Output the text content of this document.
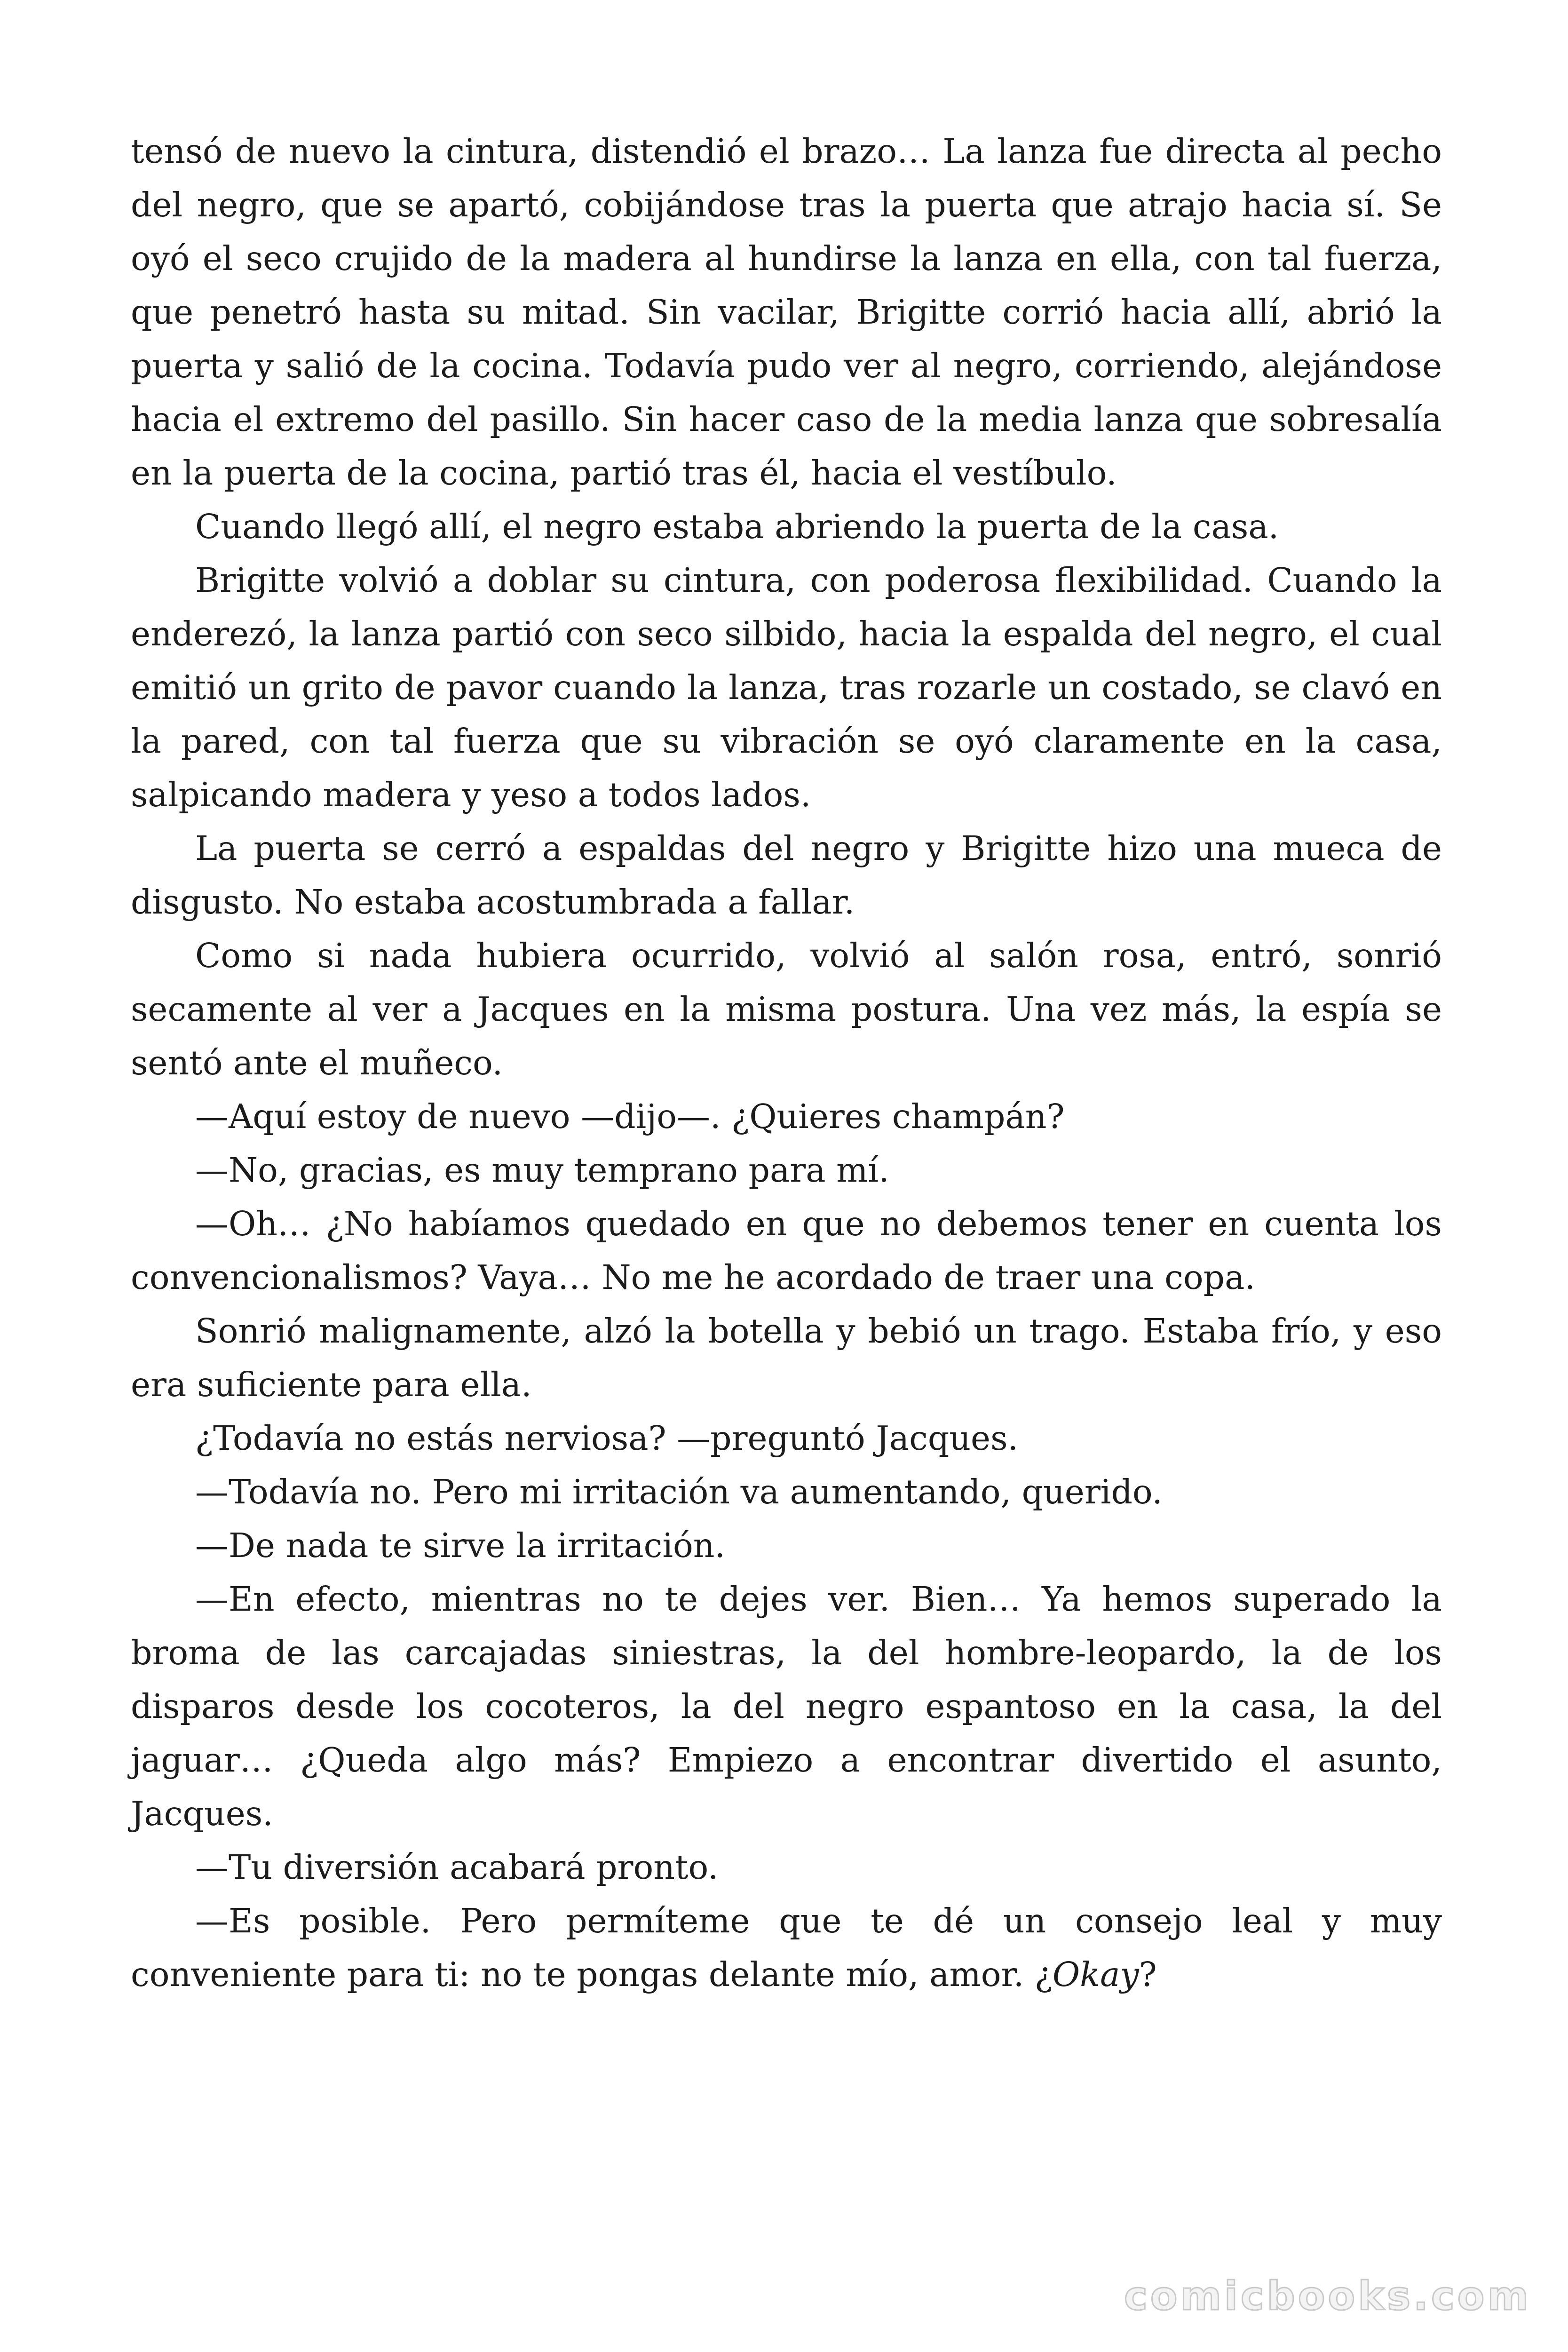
tensó de nuevo la cintura, distendió el brazo… La lanza fue directa al pecho del negro, que se apartó, cobijándose tras la puerta que atrajo hacia sí. Se oyó el seco crujido de la madera al hundirse la lanza en ella, con tal fuerza, que penetró hasta su mitad. Sin vacilar, Brigitte corrió hacia allí, abrió la puerta y salió de la cocina. Todavía pudo ver al negro, corriendo, alejándose hacia el extremo del pasillo. Sin hacer caso de la media lanza que sobresalía en la puerta de la cocina, partió tras él, hacia el vestíbulo.

Cuando llegó allí, el negro estaba abriendo la puerta de la casa.

Brigitte volvió a doblar su cintura, con poderosa flexibilidad. Cuando la enderezó, la lanza partió con seco silbido, hacia la espalda del negro, el cual emitió un grito de pavor cuando la lanza, tras rozarle un costado, se clavó en la pared, con tal fuerza que su vibración se oyó claramente en la casa, salpicando madera y yeso a todos lados.

La puerta se cerró a espaldas del negro y Brigitte hizo una mueca de disgusto. No estaba acostumbrada a fallar.

Como si nada hubiera ocurrido, volvió al salón rosa, entró, sonrió secamente al ver a Jacques en la misma postura. Una vez más, la espía se sentó ante el muñeco.

—Aquí estoy de nuevo —dijo—. ¿Quieres champán?

—No, gracias, es muy temprano para mí.

—Oh… ¿No habíamos quedado en que no debemos tener en cuenta los convencionalismos? Vaya… No me he acordado de traer una copa.

Sonrió malignamente, alzó la botella y bebió un trago. Estaba frío, y eso era suficiente para ella.

¿Todavía no estás nerviosa? —preguntó Jacques.

—Todavía no. Pero mi irritación va aumentando, querido.

—De nada te sirve la irritación.

—En efecto, mientras no te dejes ver. Bien… Ya hemos superado la broma de las carcajadas siniestras, la del hombre-leopardo, la de los disparos desde los cocoteros, la del negro espantoso en la casa, la del jaguar… ¿Queda algo más? Empiezo a encontrar divertido el asunto, Jacques.

—Tu diversión acabará pronto.

—Es posible. Pero permíteme que te dé un consejo leal y muy conveniente para ti: no te pongas delante mío, amor. ¿Okay?

comicbooks.com
